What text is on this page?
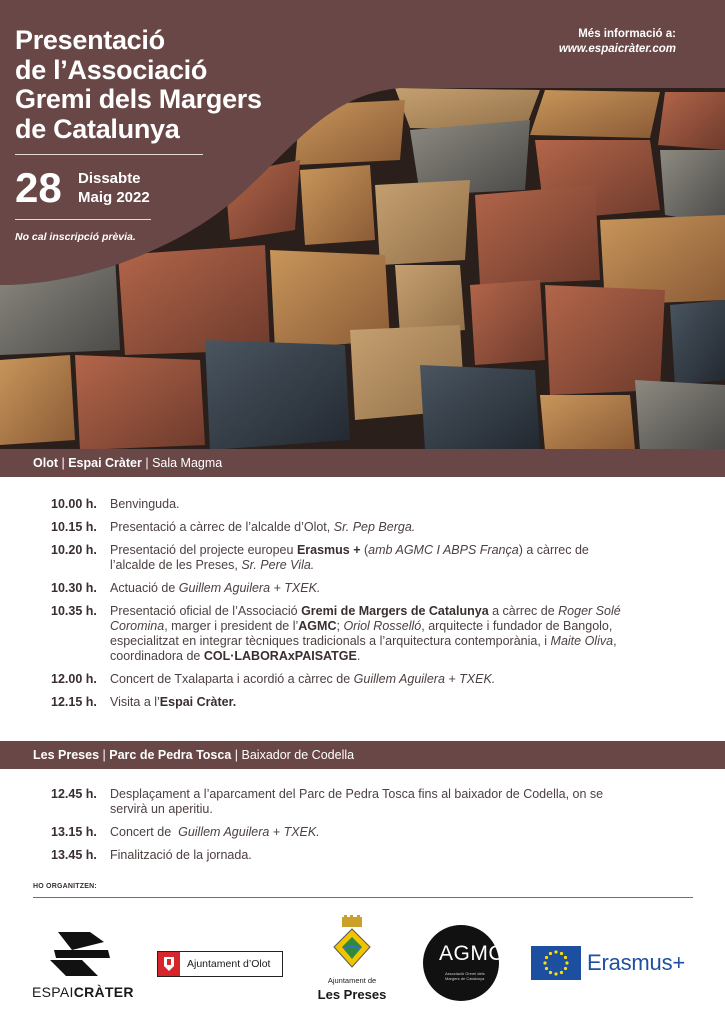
Presentació
de l’Associació
Gremi dels Margers
de Catalunya
28 Dissabte
Maig 2022
No cal inscripció prèvia.
Més informació a:
www.espaicràter.com
Olot | Espai Cràter | Sala Magma
10.00 h.	Benvinguda.
10.15 h.	Presentació a càrrec de l’alcalde d’Olot, Sr. Pep Berga.
10.20 h.	Presentació del projecte europeu Erasmus + (amb AGMC I ABPS França) a càrrec de l’alcalde de les Preses, Sr. Pere Vila.
10.30 h.	Actuació de Guillem Aguilera + TXEK.
10.35 h.	Presentació oficial de l’Associació Gremi de Margers de Catalunya a càrrec de Roger Solé Coromina, marger i president de l’AGMC; Oriol Rosselló, arquitecte i fundador de Bangolo, especialitzat en integrar tècniques tradicionals a l’arquitectura contemporània, i Maite Oliva, coordinadora de COL·LABORAxPAISATGE.
12.00 h.	Concert de Txalaparta i acordió a càrrec de Guillem Aguilera + TXEK.
12.15 h.	Visita a l’Espai Cràter.
Les Preses | Parc de Pedra Tosca | Baixador de Codella
12.45 h.	Desplaçament a l’aparcament del Parc de Pedra Tosca fins al baixador de Codella, on se servirà un aperitiu.
13.15 h.	Concert de  Guillem Aguilera + TXEK.
13.45 h.	Finalització de la jornada.
HO ORGANITZEN:
ESPAICRÀTER
Ajuntament d’Olot
Ajuntament de
Les Preses
AGMC
Associació Gremi dels Margers de Catalunya
Erasmus+
